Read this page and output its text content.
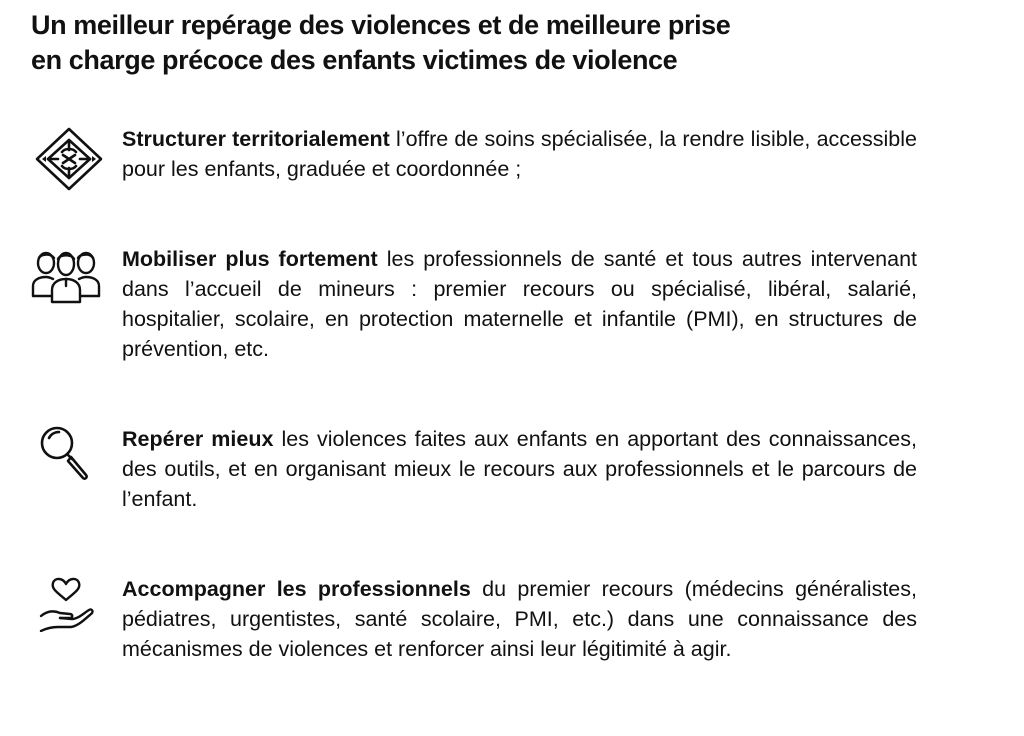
Un meilleur repérage des violences et de meilleure prise
en charge précoce des enfants victimes de violence

Structurer territorialement l’offre de soins spécialisée, la rendre lisible, accessible pour les enfants, graduée et coordonnée ;

Mobiliser plus fortement les professionnels de santé et tous autres intervenant dans l’accueil de mineurs : premier recours ou spécialisé, libéral, salarié, hospitalier, scolaire, en protection maternelle et infantile (PMI), en structures de prévention, etc.

Repérer mieux les violences faites aux enfants en apportant des connaissances, des outils, et en organisant mieux le recours aux professionnels et le parcours de l’enfant.

Accompagner les professionnels du premier recours (médecins généralistes, pédiatres, urgentistes, santé scolaire, PMI, etc.) dans une connaissance des mécanismes de violences et renforcer ainsi leur légitimité à agir.
